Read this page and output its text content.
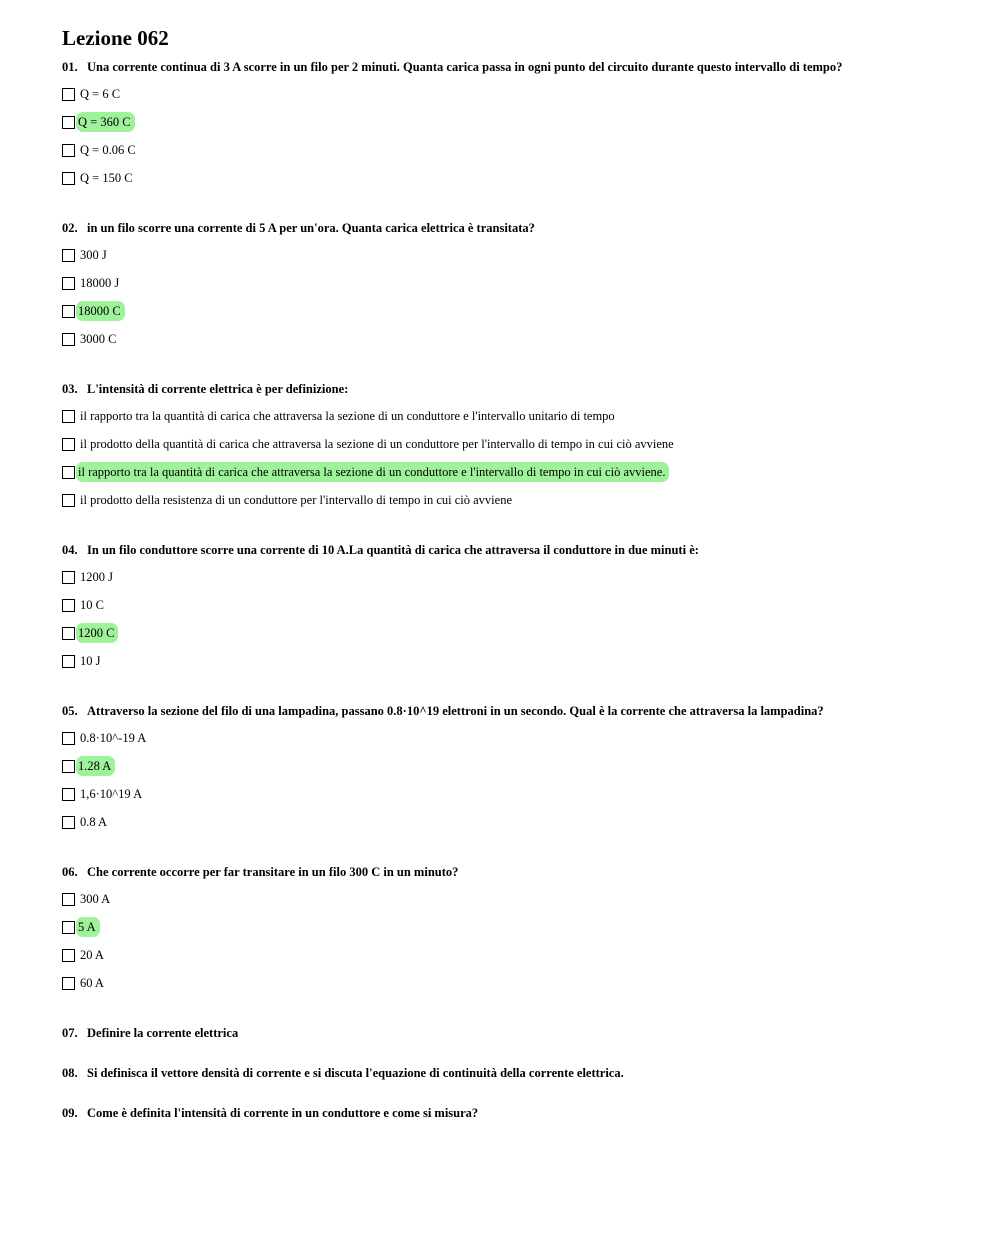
Lezione 062

01. Una corrente continua di 3 A scorre in un filo per 2 minuti. Quanta carica passa in ogni punto del circuito durante questo intervallo di tempo?

Q = 6 C
Q = 360 C
Q = 0.06 C
Q = 150 C

02. in un filo scorre una corrente di 5 A per un'ora. Quanta carica elettrica è transitata?

300 J
18000 J
18000 C
3000 C

03. L'intensità di corrente elettrica è per definizione:

il rapporto tra la quantità di carica che attraversa la sezione di un conduttore e l'intervallo unitario di tempo
il prodotto della quantità di carica che attraversa la sezione di un conduttore per l'intervallo di tempo in cui ciò avviene
il rapporto tra la quantità di carica che attraversa la sezione di un conduttore e l'intervallo di tempo in cui ciò avviene.
il prodotto della resistenza di un conduttore per l'intervallo di tempo in cui ciò avviene

04. In un filo conduttore scorre una corrente di 10 A.La quantità di carica che attraversa il conduttore in due minuti è:

1200 J
10 C
1200 C
10 J

05. Attraverso la sezione del filo di una lampadina, passano 0.8·10^19 elettroni in un secondo. Qual è la corrente che attraversa la lampadina?

0.8·10^-19 A
1.28 A
1,6·10^19 A
0.8 A

06. Che corrente occorre per far transitare in un filo 300 C in un minuto?

300 A
5 A
20 A
60 A

07. Definire la corrente elettrica

08. Si definisca il vettore densità di corrente e si discuta l'equazione di continuità della corrente elettrica.

09. Come è definita l'intensità di corrente in un conduttore e come si misura?
